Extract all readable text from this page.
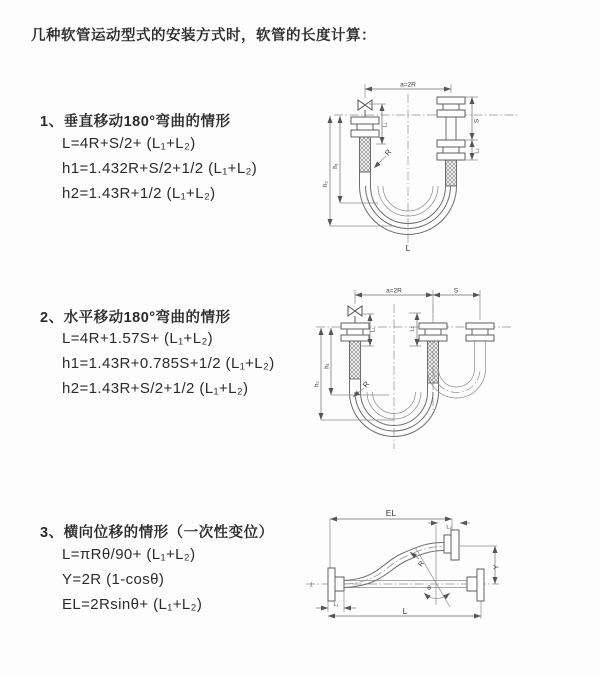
几种软管运动型式的安装方式时，软管的长度计算：
1、垂直移动180°弯曲的情形
L=4R+S/2+ (L₁+L₂)
h1=1.432R+S/2+1/2 (L₁+L₂)
h2=1.43R+1/2 (L₁+L₂)
a=2R
S
L₂
L₁
h₁
h₂
R
L
2、水平移动180°弯曲的情形
L=4R+1.57S+ (L₁+L₂)
h1=1.43R+0.785S+1/2 (L₁+L₂)
h2=1.43R+S/2+1/2 (L₁+L₂)
a=2R	S
L₁	L₂
h₁
h₂	R
3、横向位移的情形（一次性变位）
L=πRθ/90+ (L₁+L₂)
Y=2R (1-cosθ)
EL=2Rsinθ+ (L₁+L₂)
EL
L₂
Y
z̄
R
θ
L₁
L
